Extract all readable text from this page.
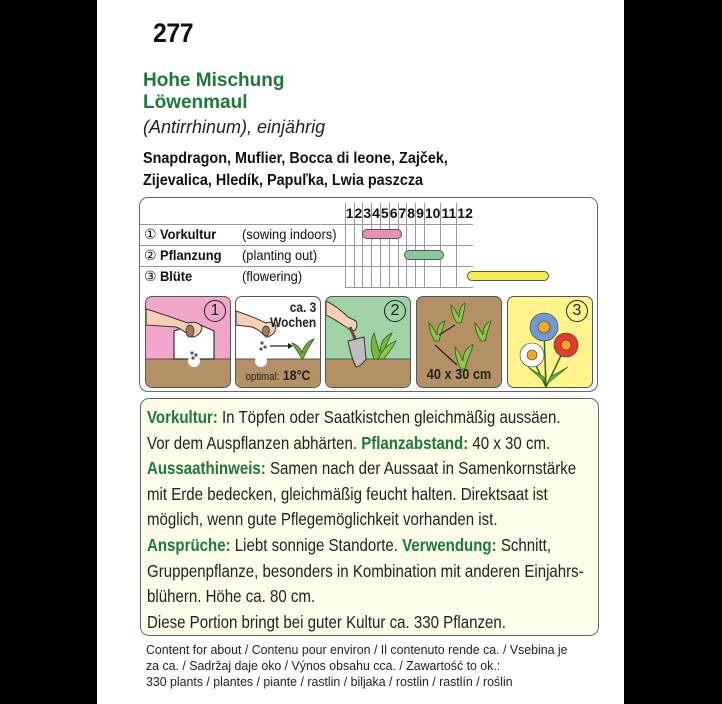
277
Hohe Mischung
Löwenmaul
(Antirrhinum), einjährig
Snapdragon, Muflier, Bocca di leone, Zajček,
Zijevalica, Hledík, Papuľka, Lwia paszcza
	1	2	3	4	5	6	7	8	9	10	11	12
① Vorkultur (sowing indoors)												
② Pflanzung (planting out)												
③ Blüte (flowering)												
1	ca. 3
Wochen
optimal: 18°C
2
40 x 30 cm
3

Vorkultur: In Töpfen oder Saatkistchen gleichmäßig aussäen.

Vor dem Auspflanzen abhärten. Pflanzabstand: 40 x 30 cm.

Aussaathinweis: Samen nach der Aussaat in Samenkornstärke

mit Erde bedecken, gleichmäßig feucht halten. Direktsaat ist

möglich, wenn gute Pflegemöglichkeit vorhanden ist.

Ansprüche: Liebt sonnige Standorte. Verwendung: Schnitt,

Gruppenpflanze, besonders in Kombination mit anderen Einjahrs-

blühern. Höhe ca. 80 cm.

Diese Portion bringt bei guter Kultur ca. 330 Pflanzen.

Content for about / Contenu pour environ / Il contenuto rende ca. / Vsebina je
za ca. / Sadržaj daje oko / Výnos obsahu cca. / Zawartość to ok.:
330 plants / plantes / piante / rastlin / biljaka / rostlin / rastlín / roślin
